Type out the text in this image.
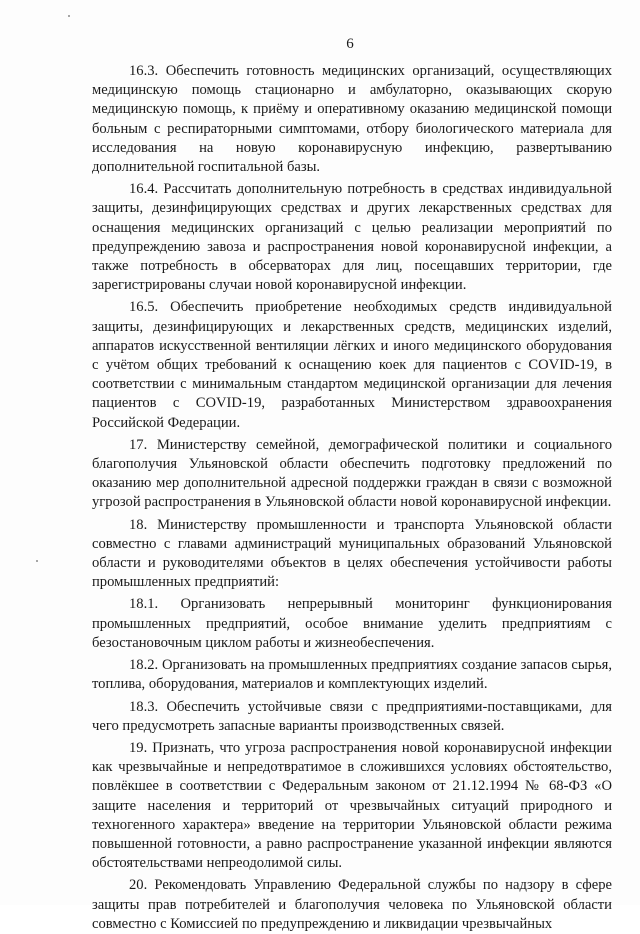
6

16.3. Обеспечить готовность медицинских организаций, осуществляющих медицинскую помощь стационарно и амбулаторно, оказывающих скорую медицинскую помощь, к приёму и оперативному оказанию медицинской помощи больным с респираторными симптомами, отбору биологического материала для исследования на новую коронавирусную инфекцию, развертыванию дополнительной госпитальной базы.

16.4. Рассчитать дополнительную потребность в средствах индивидуальной защиты, дезинфицирующих средствах и других лекарственных средствах для оснащения медицинских организаций с целью реализации мероприятий по предупреждению завоза и распространения новой коронавирусной инфекции, а также потребность в обсерваторах для лиц, посещавших территории, где зарегистрированы случаи новой коронавирусной инфекции.

16.5. Обеспечить приобретение необходимых средств индивидуальной защиты, дезинфицирующих и лекарственных средств, медицинских изделий, аппаратов искусственной вентиляции лёгких и иного медицинского оборудования с учётом общих требований к оснащению коек для пациентов с COVID-19, в соответствии с минимальным стандартом медицинской организации для лечения пациентов с COVID-19, разработанных Министерством здравоохранения Российской Федерации.

17. Министерству семейной, демографической политики и социального благополучия Ульяновской области обеспечить подготовку предложений по оказанию мер дополнительной адресной поддержки граждан в связи с возможной угрозой распространения в Ульяновской области новой коронавирусной инфекции.

18. Министерству промышленности и транспорта Ульяновской области совместно с главами администраций муниципальных образований Ульяновской области и руководителями объектов в целях обеспечения устойчивости работы промышленных предприятий:

18.1. Организовать непрерывный мониторинг функционирования промышленных предприятий, особое внимание уделить предприятиям с безостановочным циклом работы и жизнеобеспечения.

18.2. Организовать на промышленных предприятиях создание запасов сырья, топлива, оборудования, материалов и комплектующих изделий.

18.3. Обеспечить устойчивые связи с предприятиями-поставщиками, для чего предусмотреть запасные варианты производственных связей.

19. Признать, что угроза распространения новой коронавирусной инфекции как чрезвычайные и непредотвратимое в сложившихся условиях обстоятельство, повлёкшее в соответствии с Федеральным законом от 21.12.1994 № 68-ФЗ «О защите населения и территорий от чрезвычайных ситуаций природного и техногенного характера» введение на территории Ульяновской области режима повышенной готовности, а равно распространение указанной инфекции являются обстоятельствами непреодолимой силы.

20. Рекомендовать Управлению Федеральной службы по надзору в сфере защиты прав потребителей и благополучия человека по Ульяновской области совместно с Комиссией по предупреждению и ликвидации чрезвычайных
